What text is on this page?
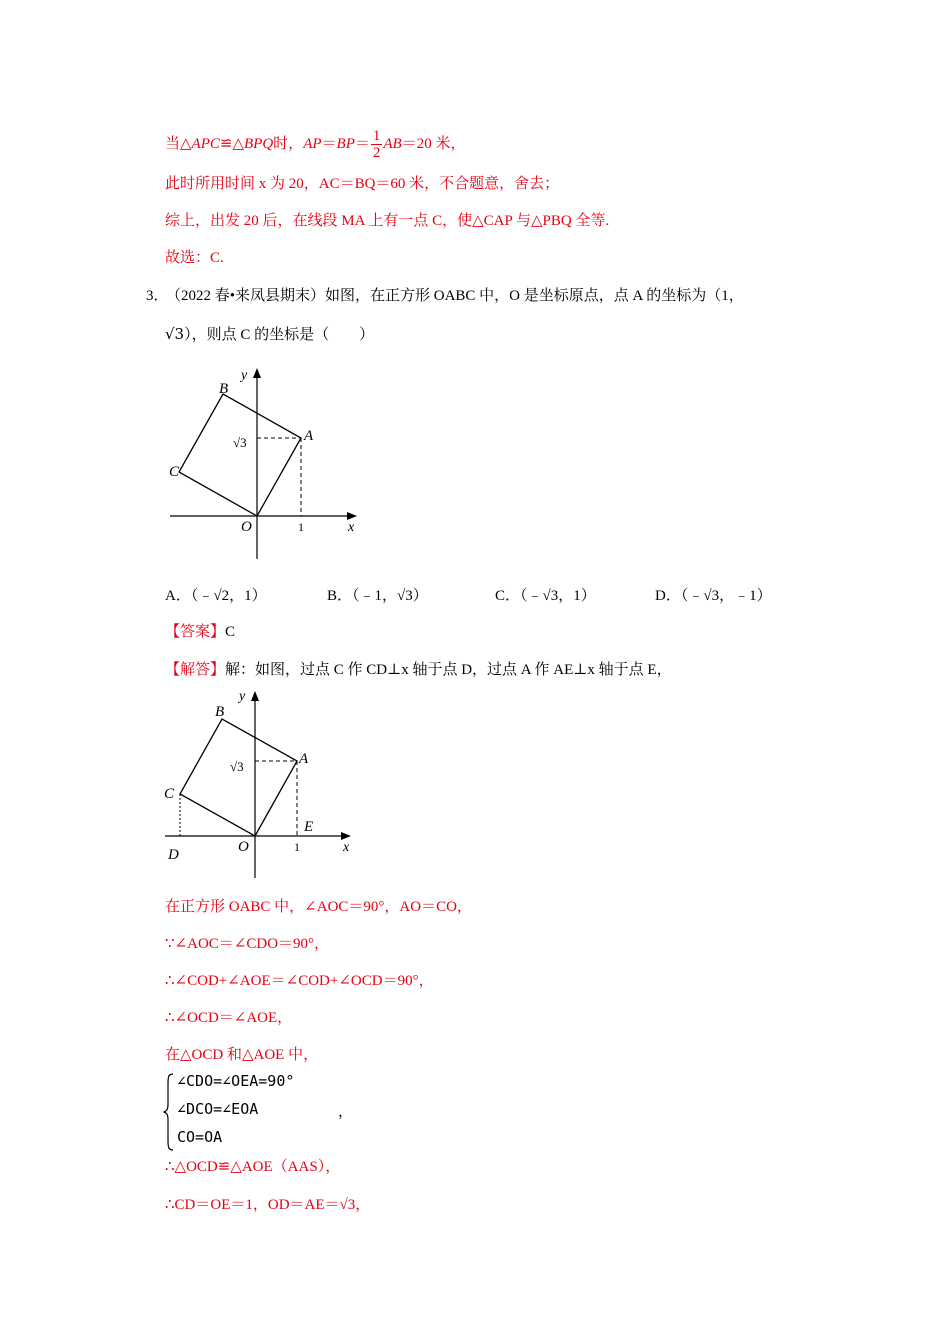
当△APC≌△BPQ时，$AP=BP= \frac{1}{2} AB=20$ 米，
此时所用时间 x 为 20，AC＝BQ＝60 米，不合题意，舍去；
综上，出发 20 后，在线段 MA 上有一点 C，使△CAP 与△PBQ 全等.
故选：C.
3．
（2022 春•来凤县期末）如图，在正方形 OABC 中，O 是坐标原点，点 A 的坐标为（1，
√3），则点 C 的坐标是（　　）
B
A
C
O
y
x
1
√3
A．（﹣√2，1）	B．（﹣1，√3）	C．（﹣√3，1）	D．（﹣√3，﹣1）
【答案】C
【解答】解：如图，过点 C 作 CD⊥x 轴于点 D，过点 A 作 AE⊥x 轴于点 E，
B
A
C
O
D
E
y
x
1
√3
在正方形 OABC 中，∠AOC＝90°，AO＝CO，
∵∠AOC＝∠CDO＝90°，
∴∠COD+∠AOE＝∠COD+∠OCD＝90°，
∴∠OCD＝∠AOE，
在△OCD 和△AOE 中，
∠CDO=∠OEA=90°
∠DCO=∠EOA
CO=OA
，
∴△OCD≌△AOE（AAS），
∴CD＝OE＝1，OD＝AE＝√3，
